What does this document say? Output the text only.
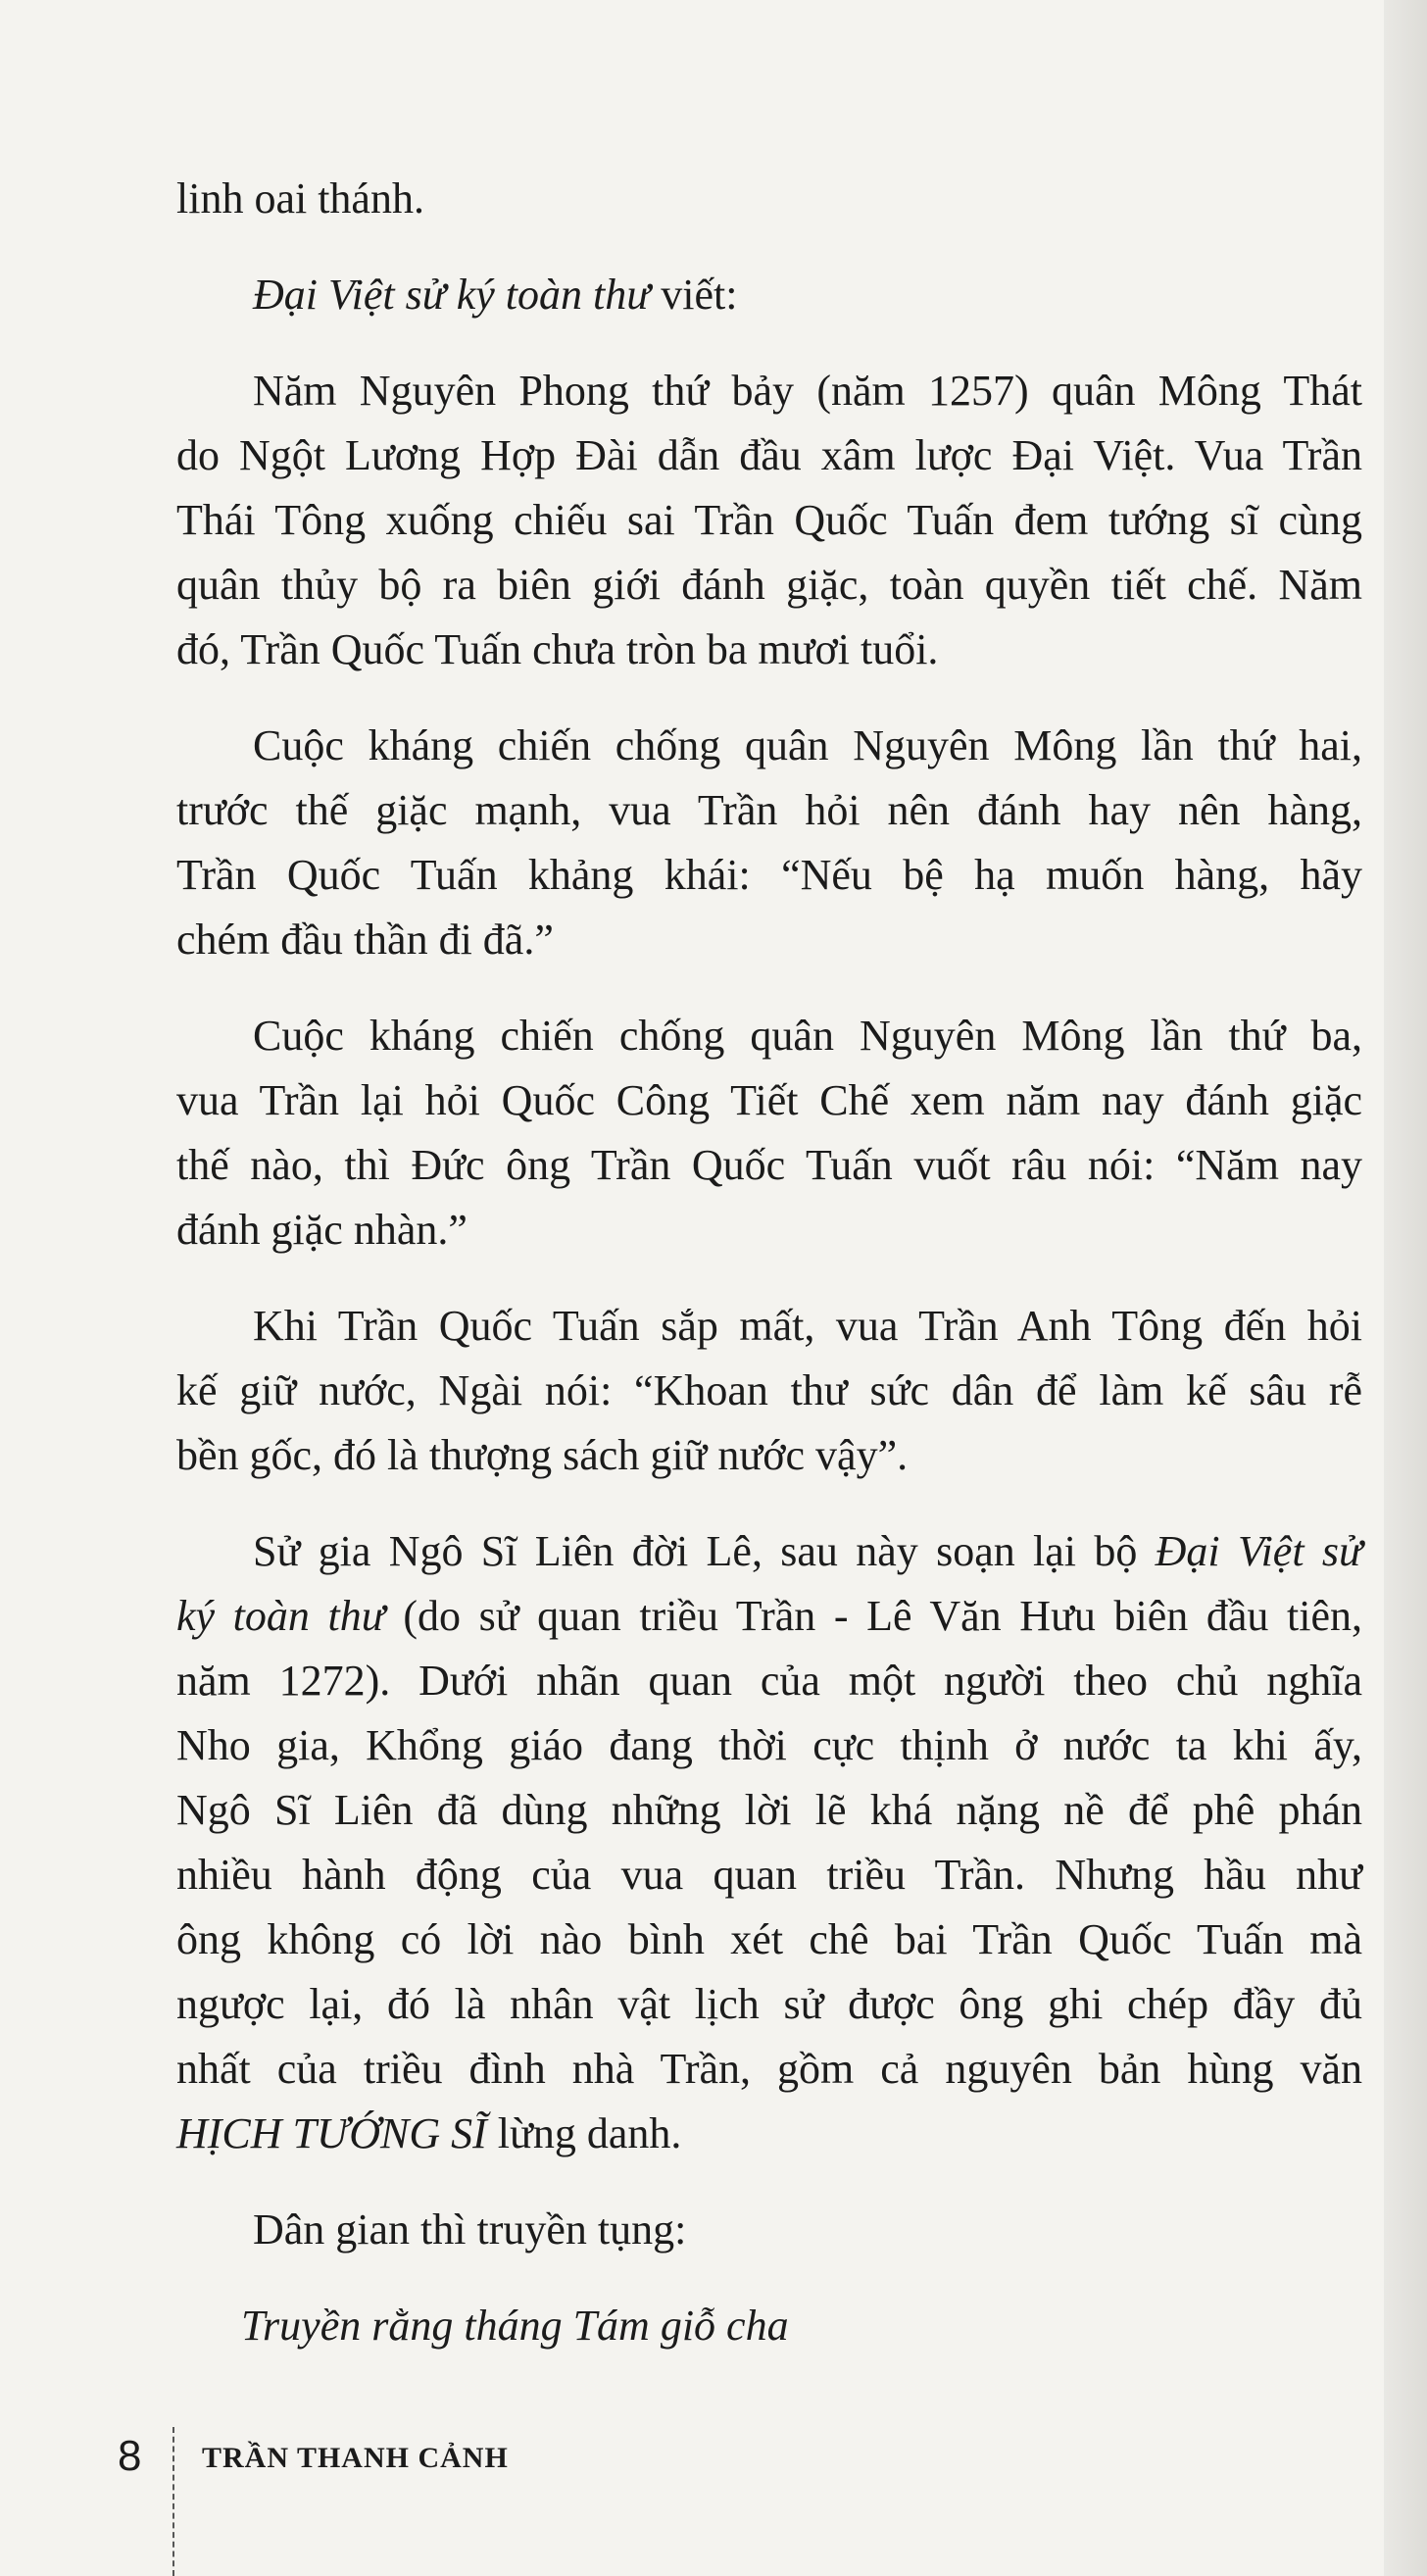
linh oai thánh.

Đại Việt sử ký toàn thư viết:

Năm Nguyên Phong thứ bảy (năm 1257) quân Mông Thát
do Ngột Lương Hợp Đài dẫn đầu xâm lược Đại Việt. Vua Trần
Thái Tông xuống chiếu sai Trần Quốc Tuấn đem tướng sĩ cùng
quân thủy bộ ra biên giới đánh giặc, toàn quyền tiết chế. Năm
đó, Trần Quốc Tuấn chưa tròn ba mươi tuổi.

Cuộc kháng chiến chống quân Nguyên Mông lần thứ hai,
trước thế giặc mạnh, vua Trần hỏi nên đánh hay nên hàng,
Trần Quốc Tuấn khảng khái: “Nếu bệ hạ muốn hàng, hãy
chém đầu thần đi đã.”

Cuộc kháng chiến chống quân Nguyên Mông lần thứ ba,
vua Trần lại hỏi Quốc Công Tiết Chế xem năm nay đánh giặc
thế nào, thì Đức ông Trần Quốc Tuấn vuốt râu nói: “Năm nay
đánh giặc nhàn.”

Khi Trần Quốc Tuấn sắp mất, vua Trần Anh Tông đến hỏi
kế giữ nước, Ngài nói: “Khoan thư sức dân để làm kế sâu rễ
bền gốc, đó là thượng sách giữ nước vậy”.

Sử gia Ngô Sĩ Liên đời Lê, sau này soạn lại bộ Đại Việt sử
ký toàn thư (do sử quan triều Trần - Lê Văn Hưu biên đầu tiên,
năm 1272). Dưới nhãn quan của một người theo chủ nghĩa
Nho gia, Khổng giáo đang thời cực thịnh ở nước ta khi ấy,
Ngô Sĩ Liên đã dùng những lời lẽ khá nặng nề để phê phán
nhiều hành động của vua quan triều Trần. Nhưng hầu như
ông không có lời nào bình xét chê bai Trần Quốc Tuấn mà
ngược lại, đó là nhân vật lịch sử được ông ghi chép đầy đủ
nhất của triều đình nhà Trần, gồm cả nguyên bản hùng văn
HỊCH TƯỚNG SĨ lừng danh.

Dân gian thì truyền tụng:

Truyền rằng tháng Tám giỗ cha

8 TRẦN THANH CẢNH
